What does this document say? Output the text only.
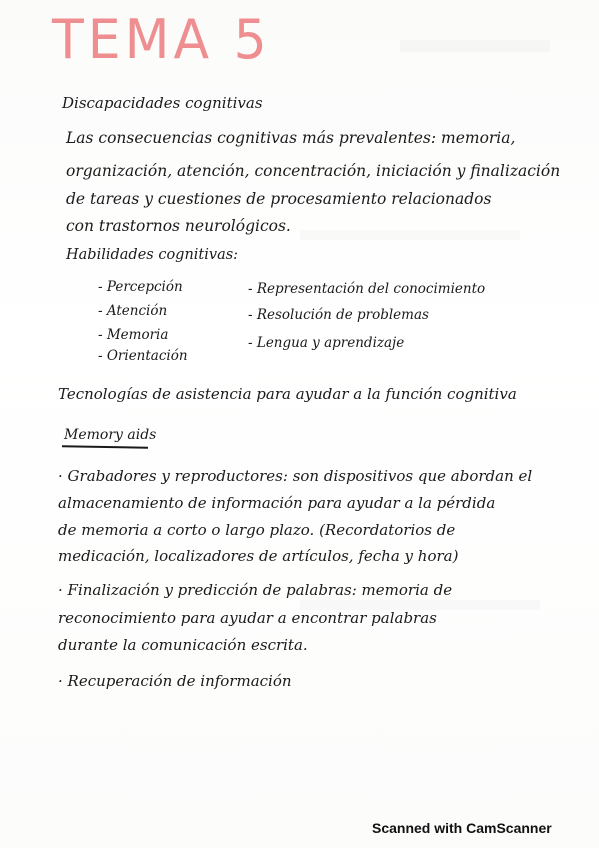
TEMA 5
Discapacidades cognitivas
Las consecuencias cognitivas más prevalentes: memoria,
organización, atención, concentración, iniciación y finalización
de tareas y cuestiones de procesamiento relacionados
con trastornos neurológicos.
Habilidades cognitivas:
- Percepción
- Atención
- Memoria
- Orientación
- Representación del conocimiento
- Resolución de problemas
- Lengua y aprendizaje
Tecnologías de asistencia para ayudar a la función cognitiva
Memory aids
· Grabadores y reproductores: son dispositivos que abordan el
almacenamiento de información para ayudar a la pérdida
de memoria a corto o largo plazo. (Recordatorios de
medicación, localizadores de artículos, fecha y hora)
· Finalización y predicción de palabras: memoria de
reconocimiento para ayudar a encontrar palabras
durante la comunicación escrita.
· Recuperación de información
Scanned with CamScanner
